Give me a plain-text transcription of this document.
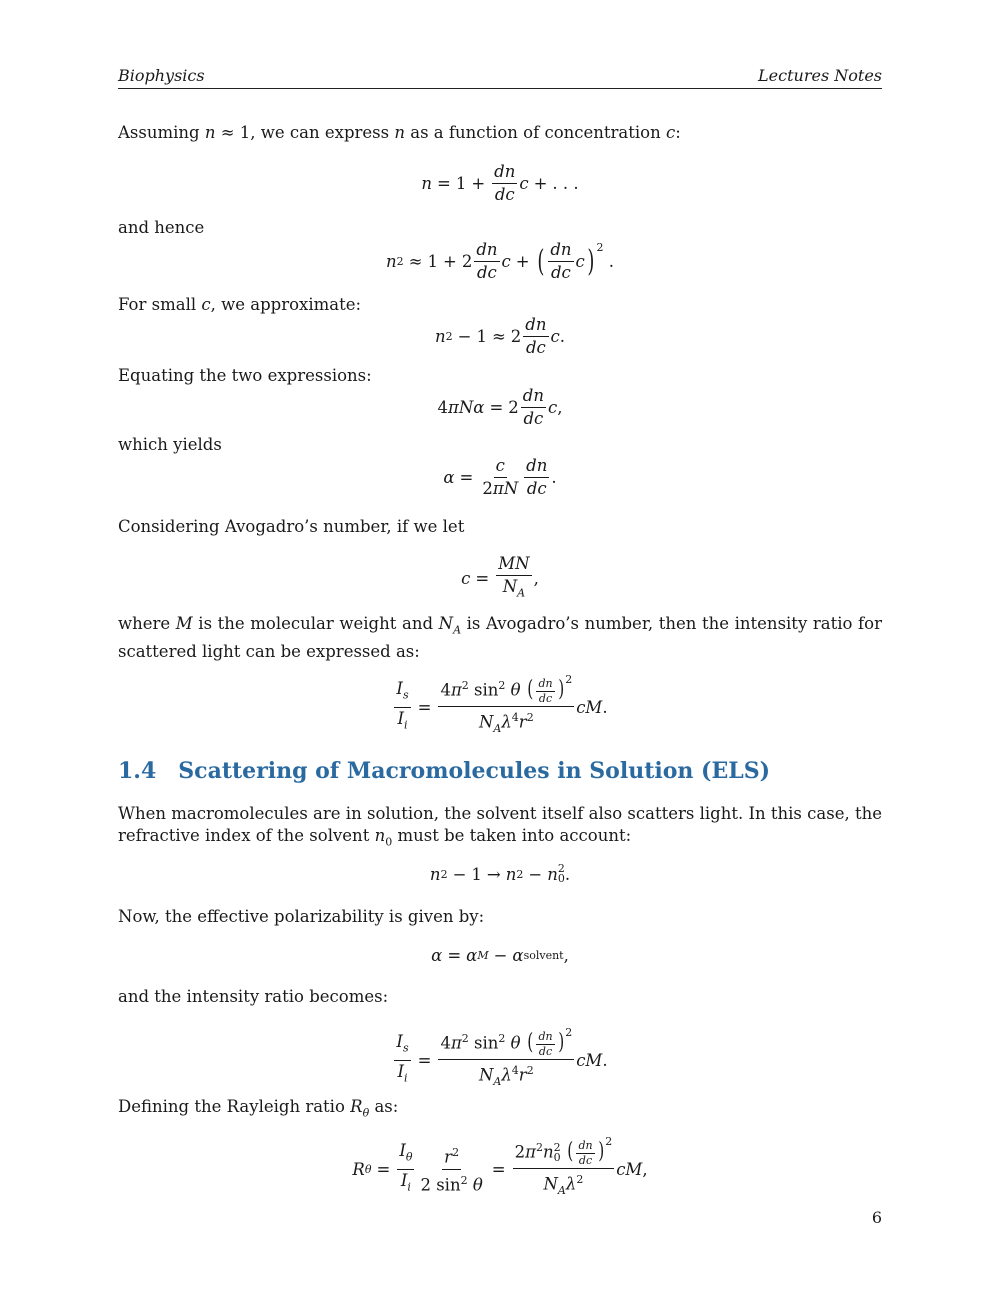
Biophysics	Lectures Notes
Assuming n ≈ 1, we can express n as a function of concentration c:
$n = 1 + \frac{dn}{dc}$ c + . . .
and hence
n $2 \approx 1 + 2 \frac{dn}{dc}$ c + ( $\frac{dn}{dc}$ c )$^2$
.
For small c, we approximate:
n $2 - 1 \approx 2 \frac{dn}{dc}$ c .
Equating the two expressions:
4 $\pi N\alpha = 2 \frac{dn}{dc}$ c ,
which yields
$\alpha = \frac{c}{2\pi N} \frac{dn}{dc}$ .
Considering Avogadro’s number, if we let
$c = \frac{MN}{N_A}$ ,
where M is the molecular weight and $N_A$ is Avogadro’s number, then the intensity ratio for scattered light can be expressed as:
$\frac{I_s}{I_i} = \frac{4\pi^2 \sin^2 \theta ( \frac{dn}{dc} )^2}{N_A\lambda^4r^2}$ cM .
1.4 Scattering of Macromolecules in Solution (ELS)
When macromolecules are in solution, the solvent itself also scatters light. In this case, the refractive index of the solvent $n_0$ must be taken into account:
n 2 − 1 → n 2 − n 2
0 .
Now, the effective polarizability is given by:
α = α M − α solvent ,
and the intensity ratio becomes:
$\frac{I_s}{I_i} = \frac{4\pi^2 \sin^2 \theta ( \frac{dn}{dc} )^2}{N_A\lambda^4r^2}$ cM .
Defining the Rayleigh ratio $R_\theta$ as:
R $\theta = \frac{I_\theta}{I_i} \frac{r^2}{2 \sin^2 \theta} = 2\pi^2n$ 2
0 ( $\frac{dn}{dc} )^2$
$N_A\lambda^2$ cM ,
6
